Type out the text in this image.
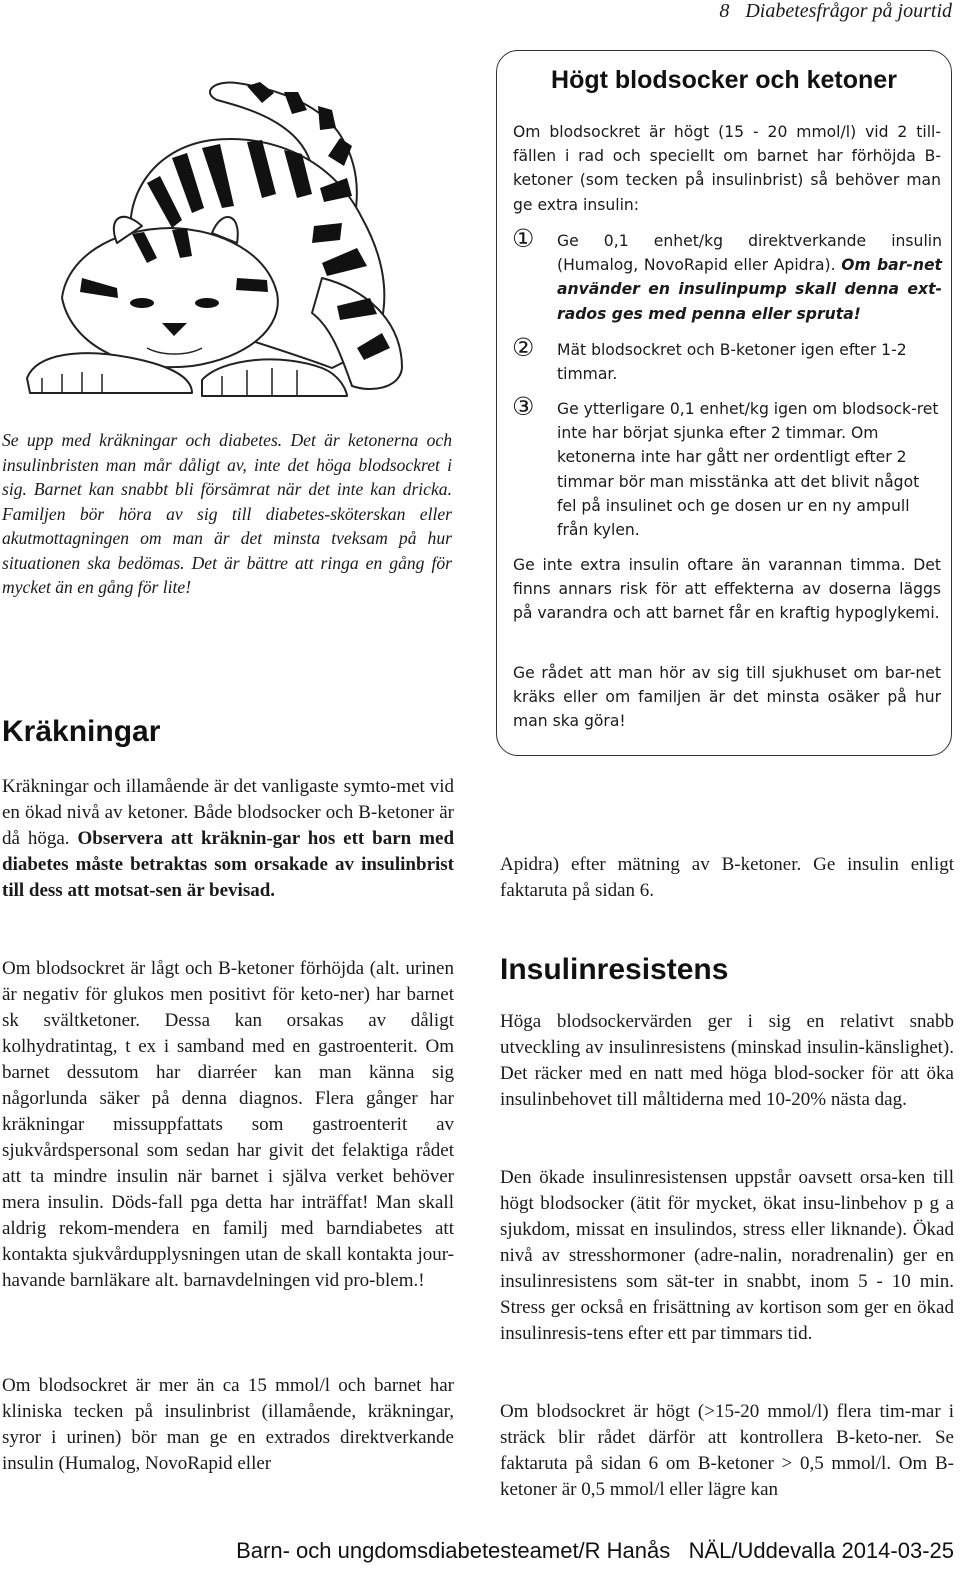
8 Diabetesfrågor på jourtid

Se upp med kräkningar och diabetes. Det är ketonerna och insulinbristen man mår dåligt av, inte det höga blodsockret i sig. Barnet kan snabbt bli försämrat när det inte kan dricka. Familjen bör höra av sig till diabetes-sköterskan eller akutmottagningen om man är det minsta tveksam på hur situationen ska bedömas. Det är bättre att ringa en gång för mycket än en gång för lite!

Högt blodsocker och ketoner

Om blodsockret är högt (15 - 20 mmol/l) vid 2 till-fällen i rad och speciellt om barnet har förhöjda B-ketoner (som tecken på insulinbrist) så behöver man ge extra insulin:

① Ge 0,1 enhet/kg direktverkande insulin (Humalog, NovoRapid eller Apidra). Om bar-net använder en insulinpump skall denna ext-rados ges med penna eller spruta!

② Mät blodsockret och B-ketoner igen efter 1-2 timmar.

③ Ge ytterligare 0,1 enhet/kg igen om blodsock-ret inte har börjat sjunka efter 2 timmar. Om ketonerna inte har gått ner ordentligt efter 2 timmar bör man misstänka att det blivit något fel på insulinet och ge dosen ur en ny ampull från kylen.

Ge inte extra insulin oftare än varannan timma. Det finns annars risk för att effekterna av doserna läggs på varandra och att barnet får en kraftig hypoglykemi.

Ge rådet att man hör av sig till sjukhuset om bar-net kräks eller om familjen är det minsta osäker på hur man ska göra!

Kräkningar

Kräkningar och illamående är det vanligaste symto-met vid en ökad nivå av ketoner. Både blodsocker och B-ketoner är då höga. Observera att kräknin-gar hos ett barn med diabetes måste betraktas som orsakade av insulinbrist till dess att motsat-sen är bevisad.

Om blodsockret är lågt och B-ketoner förhöjda (alt. urinen är negativ för glukos men positivt för keto-ner) har barnet sk svältketoner. Dessa kan orsakas av dåligt kolhydratintag, t ex i samband med en gastroenterit. Om barnet dessutom har diarréer kan man känna sig någorlunda säker på denna diagnos. Flera gånger har kräkningar missuppfattats som gastroenterit av sjukvårdspersonal som sedan har givit det felaktiga rådet att ta mindre insulin när barnet i själva verket behöver mera insulin. Döds-fall pga detta har inträffat! Man skall aldrig rekom-mendera en familj med barndiabetes att kontakta sjukvårdupplysningen utan de skall kontakta jour-havande barnläkare alt. barnavdelningen vid pro-blem.!

Om blodsockret är mer än ca 15 mmol/l och barnet har kliniska tecken på insulinbrist (illamående, kräkningar, syror i urinen) bör man ge en extrados direktverkande insulin (Humalog, NovoRapid eller

Apidra) efter mätning av B-ketoner. Ge insulin enligt faktaruta på sidan 6.

Insulinresistens

Höga blodsockervärden ger i sig en relativt snabb utveckling av insulinresistens (minskad insulin-känslighet). Det räcker med en natt med höga blod-socker för att öka insulinbehovet till måltiderna med 10-20% nästa dag.

Den ökade insulinresistensen uppstår oavsett orsa-ken till högt blodsocker (ätit för mycket, ökat insu-linbehov p g a sjukdom, missat en insulindos, stress eller liknande). Ökad nivå av stresshormoner (adre-nalin, noradrenalin) ger en insulinresistens som sät-ter in snabbt, inom 5 - 10 min. Stress ger också en frisättning av kortison som ger en ökad insulinresis-tens efter ett par timmars tid.

Om blodsockret är högt (>15-20 mmol/l) flera tim-mar i sträck blir rådet därför att kontrollera B-keto-ner. Se faktaruta på sidan 6 om B-ketoner > 0,5 mmol/l. Om B-ketoner är 0,5 mmol/l eller lägre kan

Barn- och ungdomsdiabetesteamet/R Hanås   NÄL/Uddevalla 2014-03-25
